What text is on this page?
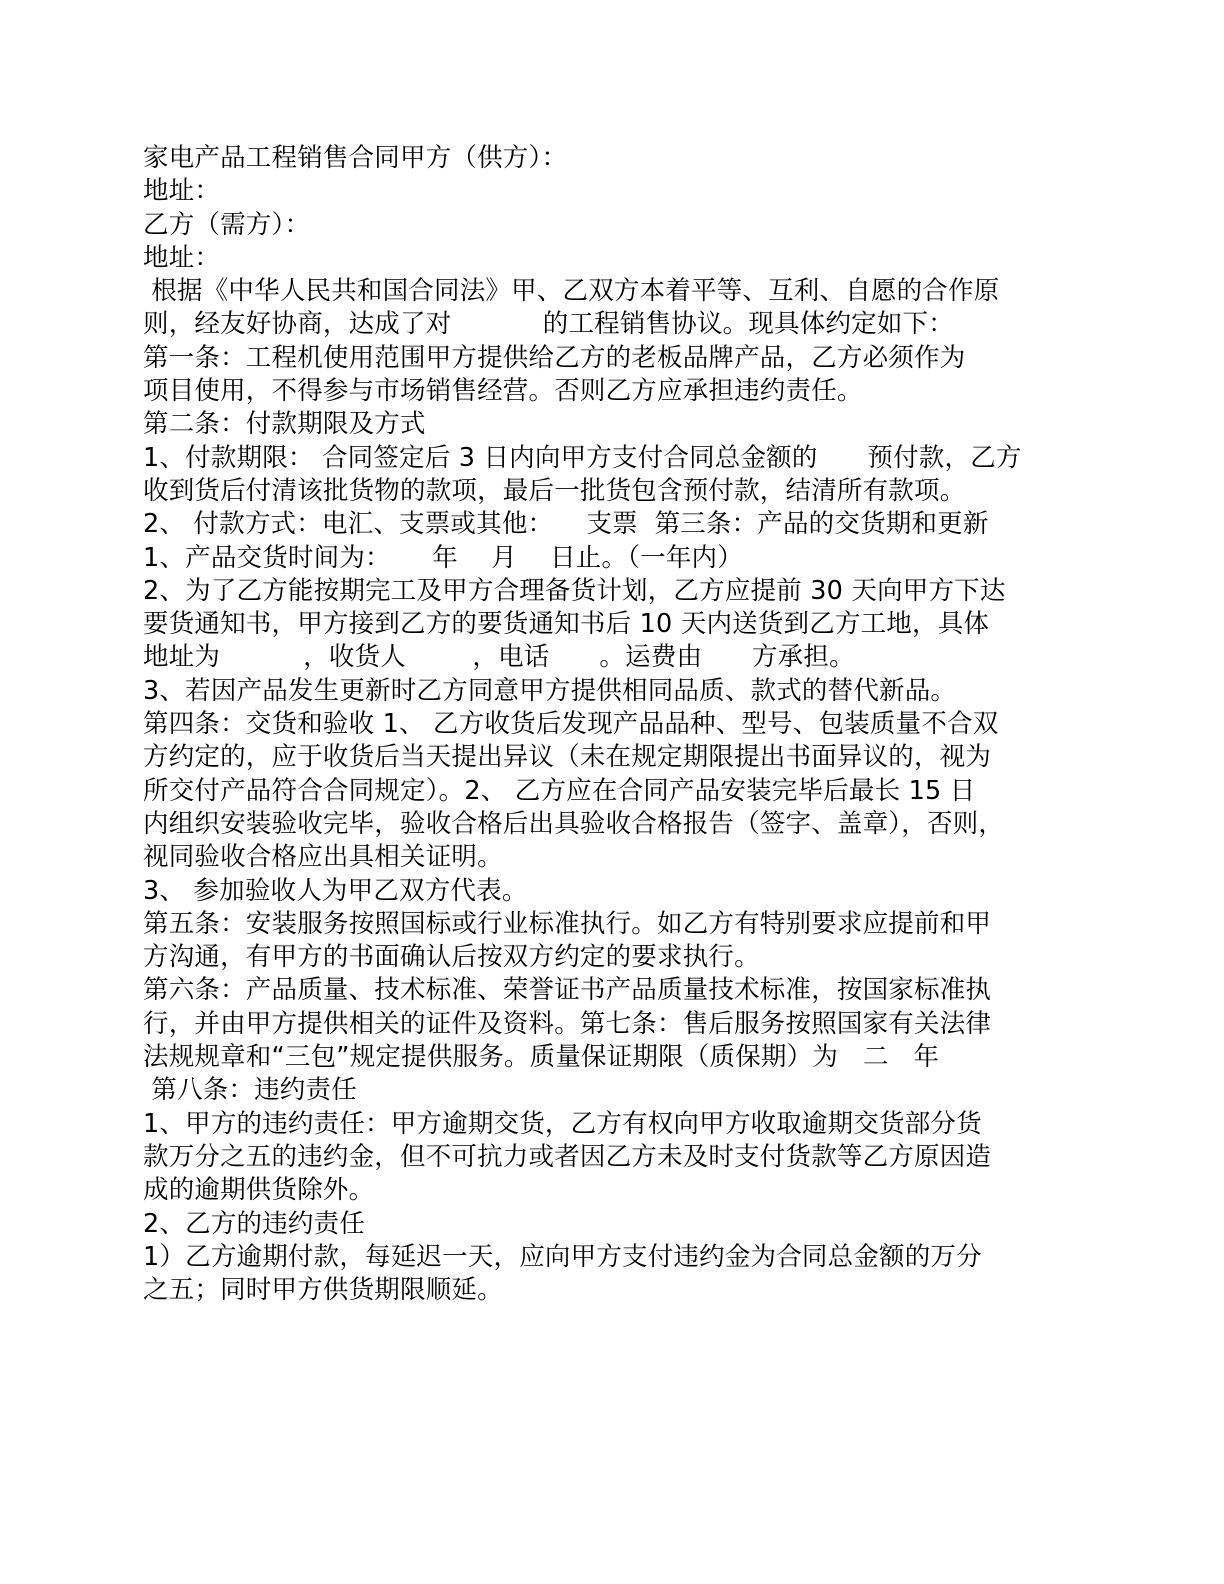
家电产品工程销售合同甲方（供方）：
地址：
乙方（需方）：
地址：
根据《中华人民共和国合同法》甲、乙双方本着平等、互利、自愿的合作原
则，经友好协商，达成了对           的工程销售协议。现具体约定如下：
第一条：工程机使用范围甲方提供给乙方的老板品牌产品，乙方必须作为
项目使用，不得参与市场销售经营。否则乙方应承担违约责任。
第二条：付款期限及方式
1、付款期限： 合同签定后 3 日内向甲方支付合同总金额的      预付款，乙方
收到货后付清该批货物的款项，最后一批货包含预付款，结清所有款项。
2、 付款方式：电汇、支票或其他：    支票  第三条：产品的交货期和更新
1、产品交货时间为：     年    月    日止。（一年内）
2、为了乙方能按期完工及甲方合理备货计划，乙方应提前 30 天向甲方下达
要货通知书，甲方接到乙方的要货通知书后 10 天内送货到乙方工地，具体
地址为          ，收货人        ，电话      。运费由      方承担。
3、若因产品发生更新时乙方同意甲方提供相同品质、款式的替代新品。
第四条：交货和验收 1、 乙方收货后发现产品品种、型号、包装质量不合双
方约定的，应于收货后当天提出异议（未在规定期限提出书面异议的，视为
所交付产品符合合同规定）。2、 乙方应在合同产品安装完毕后最长 15 日
内组织安装验收完毕，验收合格后出具验收合格报告（签字、盖章），否则，
视同验收合格应出具相关证明。
3、 参加验收人为甲乙双方代表。
第五条：安装服务按照国标或行业标准执行。如乙方有特别要求应提前和甲
方沟通，有甲方的书面确认后按双方约定的要求执行。
第六条：产品质量、技术标准、荣誉证书产品质量技术标准，按国家标准执
行，并由甲方提供相关的证件及资料。第七条：售后服务按照国家有关法律
法规规章和“三包”规定提供服务。质量保证期限（质保期）为   二   年
第八条：违约责任
1、甲方的违约责任：甲方逾期交货，乙方有权向甲方收取逾期交货部分货
款万分之五的违约金，但不可抗力或者因乙方未及时支付货款等乙方原因造
成的逾期供货除外。
2、乙方的违约责任
1）乙方逾期付款，每延迟一天，应向甲方支付违约金为合同总金额的万分
之五；同时甲方供货期限顺延。
